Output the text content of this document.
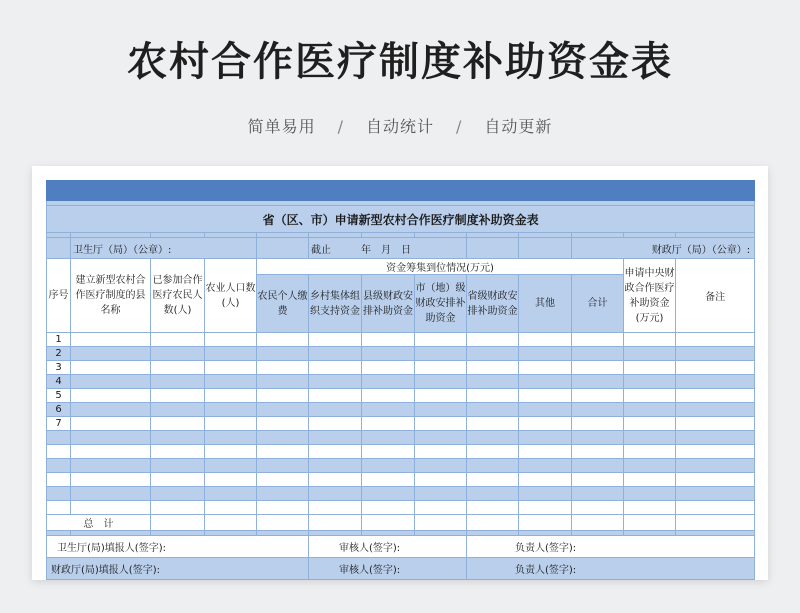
农村合作医疗制度补助资金表
简单易用 / 自动统计 / 自动更新

省（区、市）申请新型农村合作医疗制度补助资金表												

	卫生厅（局）（公章）:				截止　　　年　月　日					财政厅（局）（公章）:		
序号	建立新型农村合作医疗制度的县名称	已参加合作医疗农民人数(人)	农业人口数(人)	资金筹集到位情况(万元)							申请中央财政合作医疗补助资金(万元)	备注
				农民个人缴费	乡村集体组织支持资金	县级财政安排补助资金	市（地）级财政安排补助资金	省级财政安排补助资金	其他	合计		
1												
2												
3												
4												
5												
6												
7												

总　计												

卫生厅(局)填报人(签字):					审核人(签字):			负责人(签字):				
财政厅(局)填报人(签字):					审核人(签字):			负责人(签字):				
